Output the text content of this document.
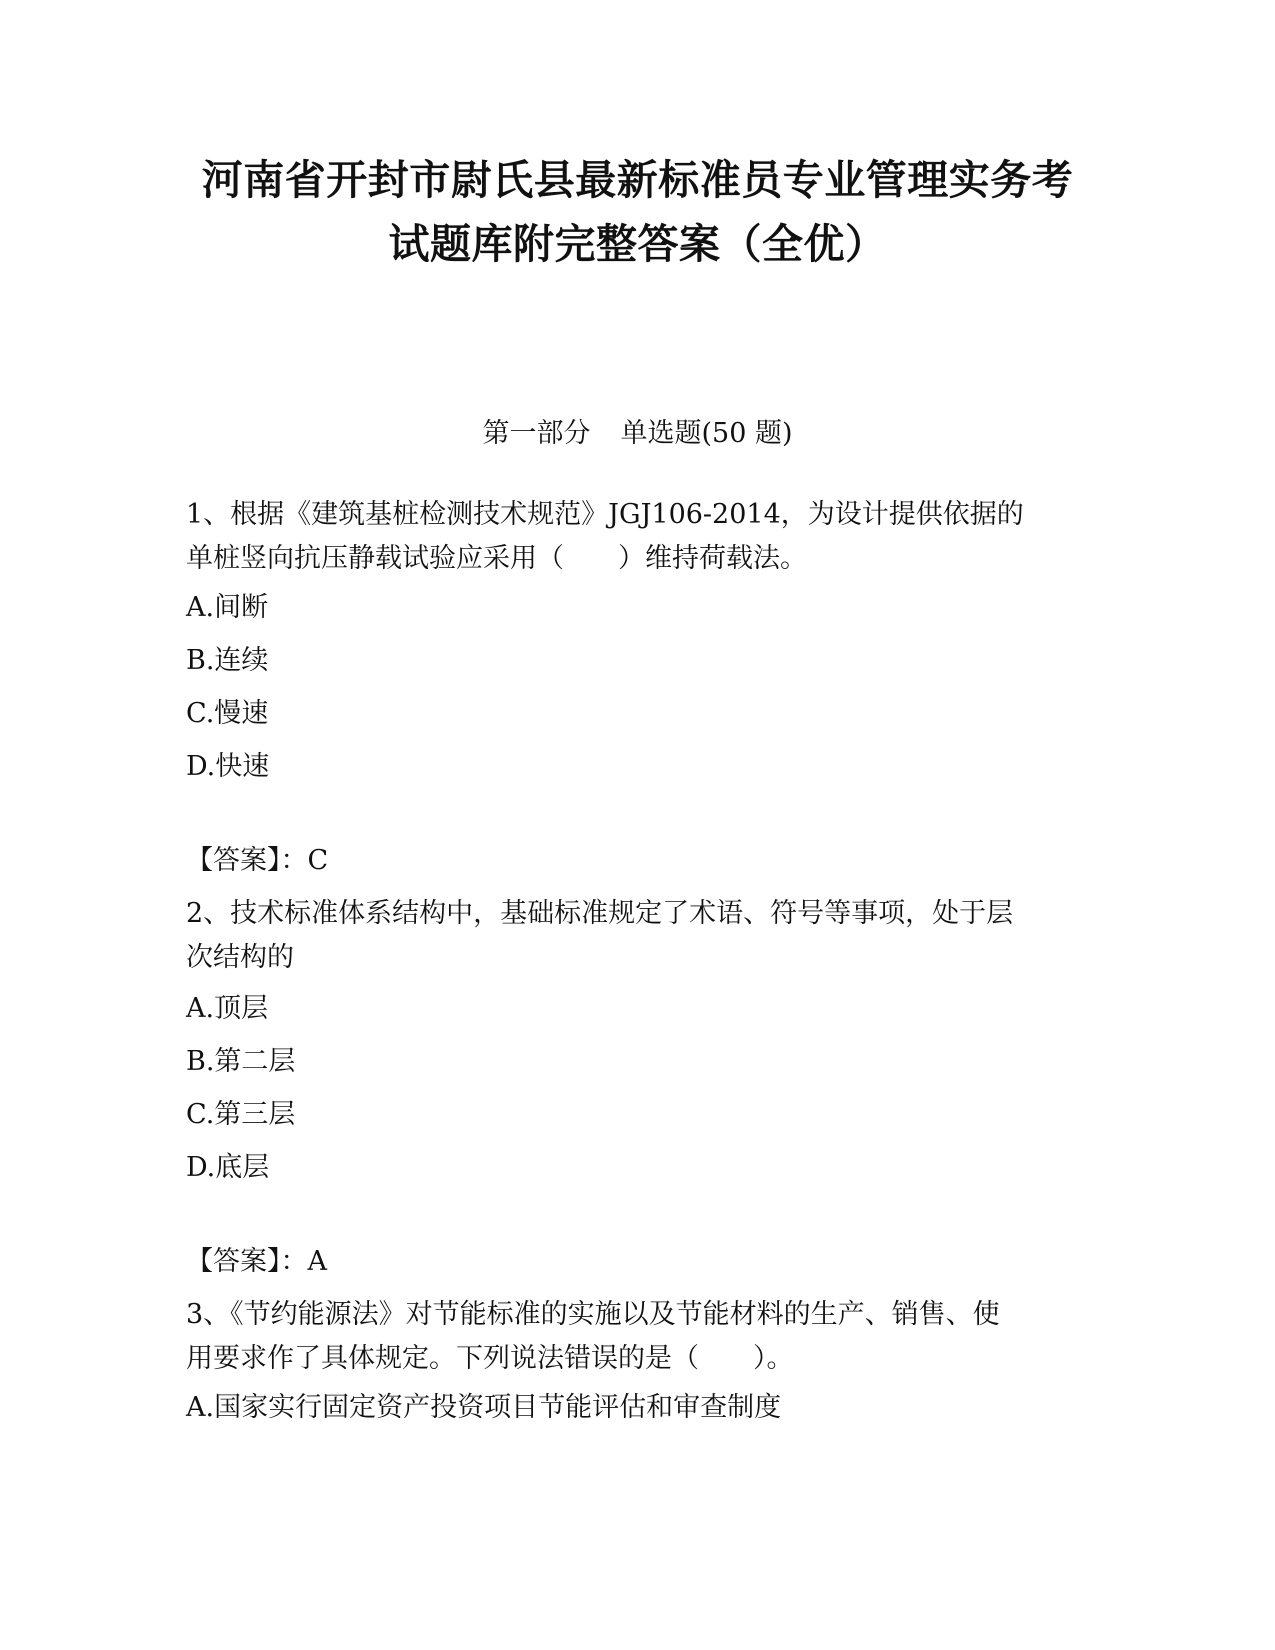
河南省开封市尉氏县最新标准员专业管理实务考
试题库附完整答案（全优）
第一部分 单选题(50 题)
1、根据《建筑基桩检测技术规范》JGJ106-2014，为设计提供依据的
单桩竖向抗压静载试验应采用（　　）维持荷载法。
A.间断
B.连续
C.慢速
D.快速
【答案】：C
2、技术标准体系结构中，基础标准规定了术语、符号等事项，处于层
次结构的
A.顶层
B.第二层
C.第三层
D.底层
【答案】：A
3、《节约能源法》对节能标准的实施以及节能材料的生产、销售、使
用要求作了具体规定。下列说法错误的是（　　）。
A.国家实行固定资产投资项目节能评估和审查制度
